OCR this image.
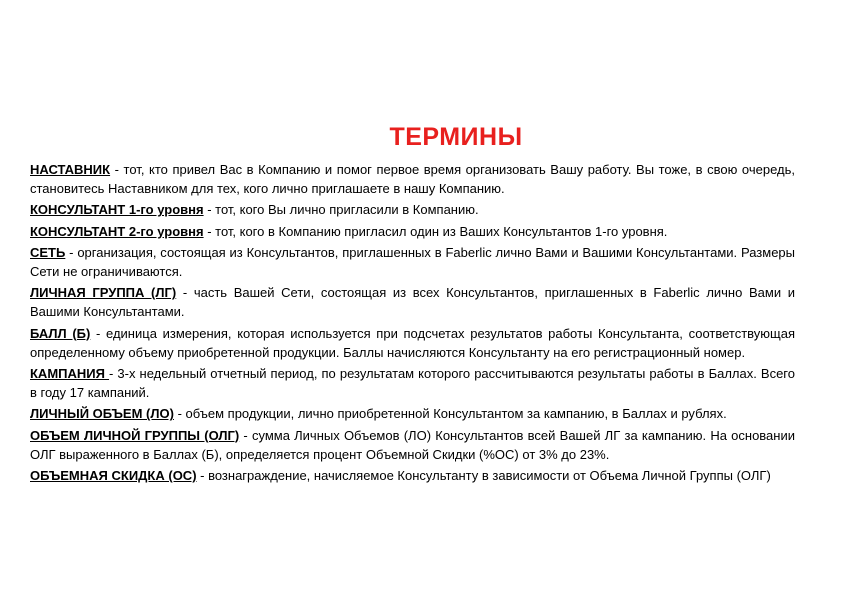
ТЕРМИНЫ

НАСТАВНИК - тот, кто привел Вас в Компанию и помог первое время организовать Вашу работу. Вы тоже, в свою очередь, становитесь Наставником для тех, кого лично приглашаете в нашу Компанию.

КОНСУЛЬТАНТ 1-го уровня - тот, кого Вы лично пригласили в Компанию.

КОНСУЛЬТАНТ 2-го уровня - тот, кого в Компанию пригласил один из Ваших Консультантов 1-го уровня.

СЕТЬ - организация, состоящая из Консультантов, приглашенных в Faberlic лично Вами и Вашими Консультантами. Размеры Сети не ограничиваются.

ЛИЧНАЯ ГРУППА (ЛГ) - часть Вашей Сети, состоящая из всех Консультантов, приглашенных в Faberlic лично Вами и Вашими Консультантами.

БАЛЛ (Б) - единица измерения, которая используется при подсчетах результатов работы Консультанта, соответствующая определенному объему приобретенной продукции. Баллы начисляются Консультанту на его регистрационный номер.

КАМПАНИЯ - 3-х недельный отчетный период, по результатам которого рассчитываются результаты работы в Баллах. Всего в году 17 кампаний.

ЛИЧНЫЙ ОБЪЕМ (ЛО) - объем продукции, лично приобретенной Консультантом за кампанию, в Баллах и рублях.

ОБЪЕМ ЛИЧНОЙ ГРУППЫ (ОЛГ) - сумма Личных Объемов (ЛО) Консультантов всей Вашей ЛГ за кампанию. На основании ОЛГ выраженного в Баллах (Б), определяется процент Объемной Скидки (%ОС) от 3% до 23%.

ОБЪЕМНАЯ СКИДКА (ОС) - вознаграждение, начисляемое Консультанту в зависимости от Объема Личной Группы (ОЛГ)
